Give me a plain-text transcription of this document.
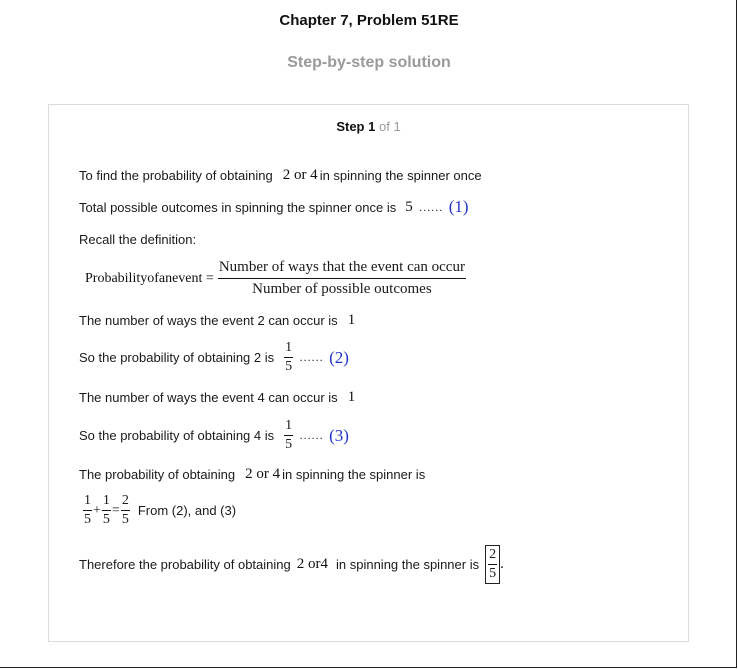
Chapter 7, Problem 51RE
Step-by-step solution
Step 1 of 1
To find the probability of obtaining 2 or 4 in spinning the spinner once
Total possible outcomes in spinning the spinner once is 5 …… (1)
Recall the definition:
Probabilityofanevent = $\frac{\text{Number of ways that the event can occur}}{\text{Number of possible outcomes}}$
The number of ways the event 2 can occur is 1
So the probability of obtaining 2 is $\frac{1}{5}$ …… (2)
The number of ways the event 4 can occur is 1
So the probability of obtaining 4 is $\frac{1}{5}$ …… (3)
The probability of obtaining 2 or 4 in spinning the spinner is
$\frac{1}{5} + \frac{1}{5} = \frac{2}{5}$ From (2), and (3)
Therefore the probability of obtaining 2 or4 in spinning the spinner is $\frac{2}{5}$ .
